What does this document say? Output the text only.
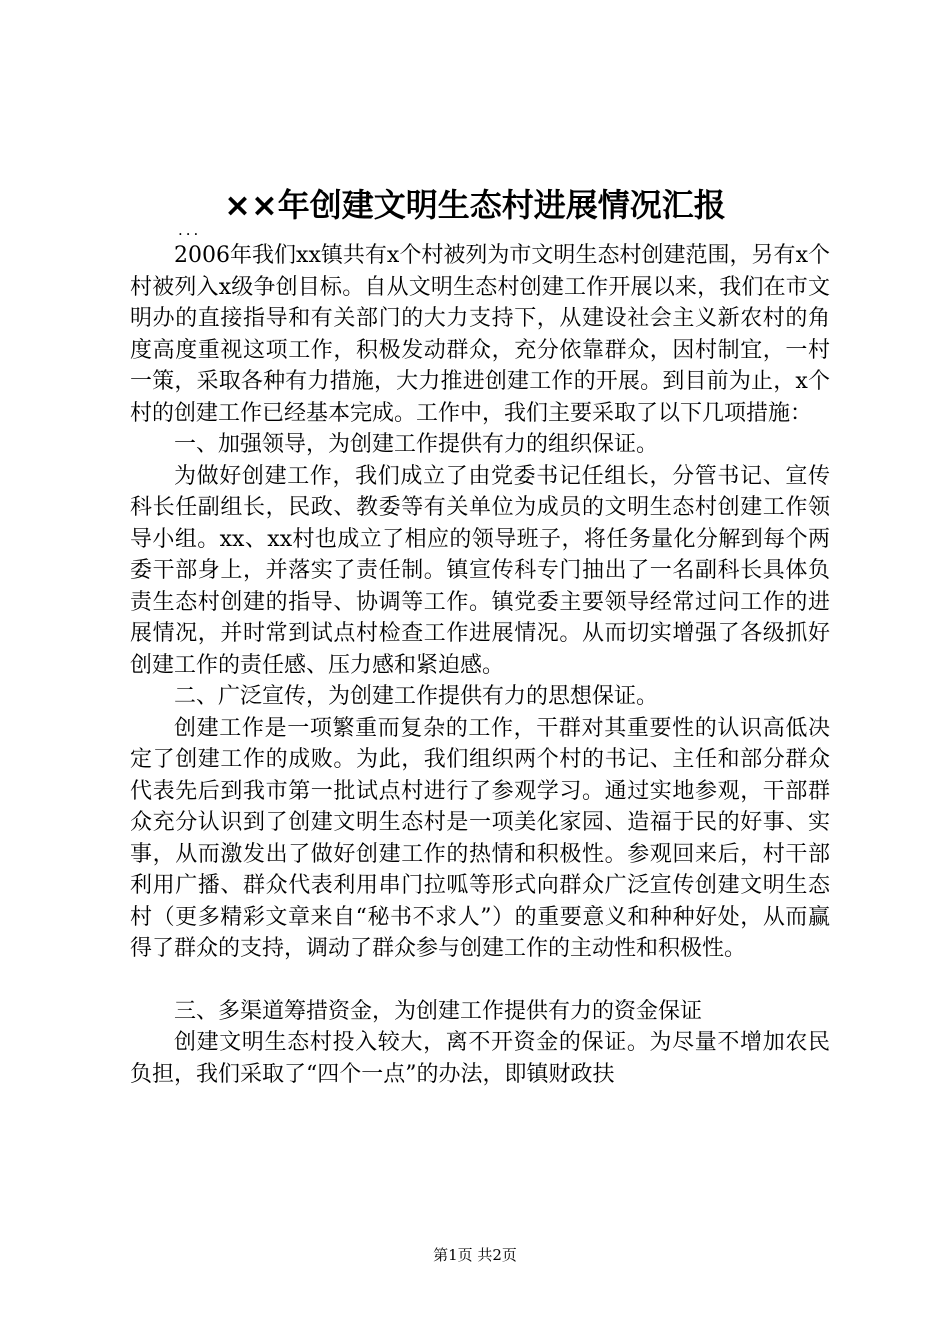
××年创建文明生态村进展情况汇报
...

2006年我们xx镇共有x个村被列为市文明生态村创建范围，另有x个村被列入x级争创目标。自从文明生态村创建工作开展以来，我们在市文明办的直接指导和有关部门的大力支持下，从建设社会主义新农村的角度高度重视这项工作，积极发动群众，充分依靠群众，因村制宜，一村一策，采取各种有力措施，大力推进创建工作的开展。到目前为止，x个村的创建工作已经基本完成。工作中，我们主要采取了以下几项措施：

一、加强领导，为创建工作提供有力的组织保证。

为做好创建工作，我们成立了由党委书记任组长，分管书记、宣传科长任副组长，民政、教委等有关单位为成员的文明生态村创建工作领导小组。xx、xx村也成立了相应的领导班子，将任务量化分解到每个两委干部身上，并落实了责任制。镇宣传科专门抽出了一名副科长具体负责生态村创建的指导、协调等工作。镇党委主要领导经常过问工作的进展情况，并时常到试点村检查工作进展情况。从而切实增强了各级抓好创建工作的责任感、压力感和紧迫感。

二、广泛宣传，为创建工作提供有力的思想保证。

创建工作是一项繁重而复杂的工作，干群对其重要性的认识高低决定了创建工作的成败。为此，我们组织两个村的书记、主任和部分群众代表先后到我市第一批试点村进行了参观学习。通过实地参观，干部群众充分认识到了创建文明生态村是一项美化家园、造福于民的好事、实事，从而激发出了做好创建工作的热情和积极性。参观回来后，村干部利用广播、群众代表利用串门拉呱等形式向群众广泛宣传创建文明生态村（更多精彩文章来自“秘书不求人”）的重要意义和种种好处，从而赢得了群众的支持，调动了群众参与创建工作的主动性和积极性。

三、多渠道筹措资金，为创建工作提供有力的资金保证

创建文明生态村投入较大，离不开资金的保证。为尽量不增加农民负担，我们采取了“四个一点”的办法，即镇财政扶

第1页 共2页
